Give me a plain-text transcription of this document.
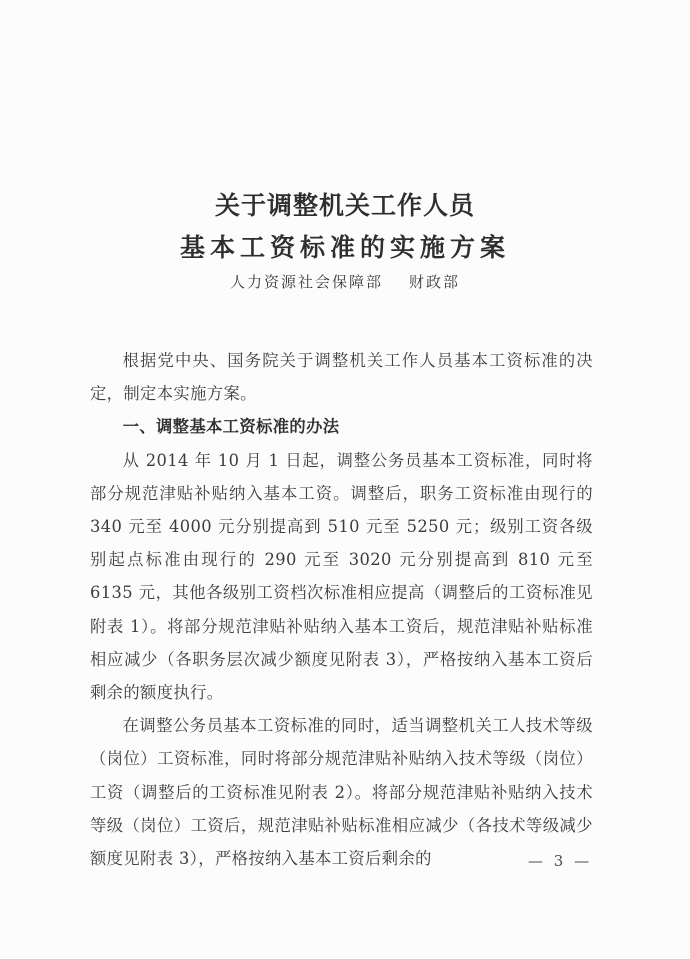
关于调整机关工作人员
基本工资标准的实施方案
人力资源社会保障部 财政部

根据党中央、国务院关于调整机关工作人员基本工资标准的决定，制定本实施方案。

一、调整基本工资标准的办法

从 2014 年 10 月 1 日起，调整公务员基本工资标准，同时将部分规范津贴补贴纳入基本工资。调整后，职务工资标准由现行的 340 元至 4000 元分别提高到 510 元至 5250 元；级别工资各级别起点标准由现行的 290 元至 3020 元分别提高到 810 元至 6135 元，其他各级别工资档次标准相应提高（调整后的工资标准见附表 1）。将部分规范津贴补贴纳入基本工资后，规范津贴补贴标准相应减少（各职务层次减少额度见附表 3），严格按纳入基本工资后剩余的额度执行。

在调整公务员基本工资标准的同时，适当调整机关工人技术等级（岗位）工资标准，同时将部分规范津贴补贴纳入技术等级（岗位）工资（调整后的工资标准见附表 2）。将部分规范津贴补贴纳入技术等级（岗位）工资后，规范津贴补贴标准相应减少（各技术等级减少额度见附表 3），严格按纳入基本工资后剩余的	— 3 —
